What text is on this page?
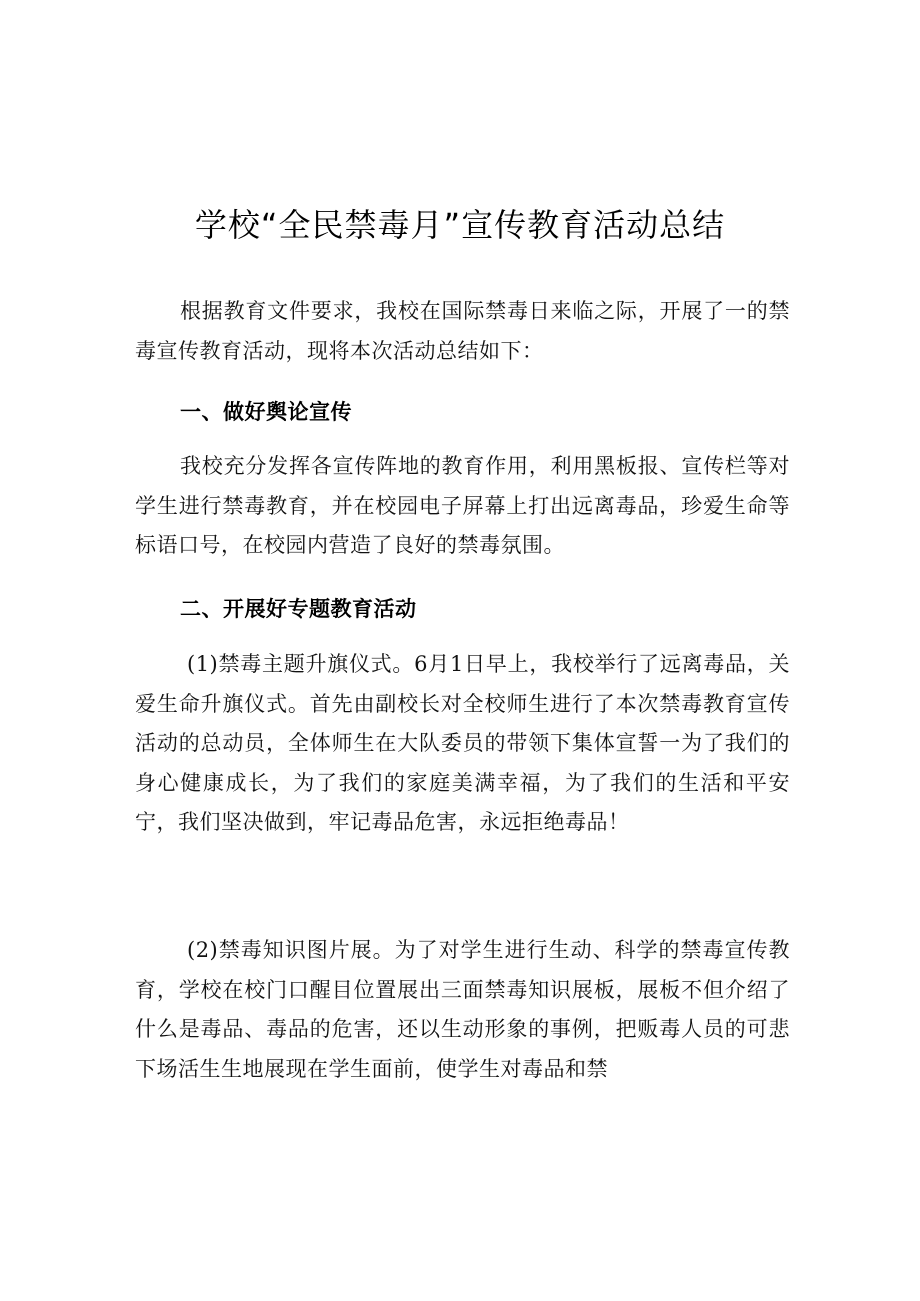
学校“全民禁毒月”宣传教育活动总结

根据教育文件要求，我校在国际禁毒日来临之际，开展了一的禁毒宣传教育活动，现将本次活动总结如下：

一、做好舆论宣传

我校充分发挥各宣传阵地的教育作用，利用黑板报、宣传栏等对学生进行禁毒教育，并在校园电子屏幕上打出远离毒品，珍爱生命等标语口号，在校园内营造了良好的禁毒氛围。

二、开展好专题教育活动

(1)禁毒主题升旗仪式。6月1日早上，我校举行了远离毒品，关爱生命升旗仪式。首先由副校长对全校师生进行了本次禁毒教育宣传活动的总动员，全体师生在大队委员的带领下集体宣誓一为了我们的身心健康成长，为了我们的家庭美满幸福，为了我们的生活和平安宁，我们坚决做到，牢记毒品危害，永远拒绝毒品！

(2)禁毒知识图片展。为了对学生进行生动、科学的禁毒宣传教育，学校在校门口醒目位置展出三面禁毒知识展板，展板不但介绍了什么是毒品、毒品的危害，还以生动形象的事例，把贩毒人员的可悲下场活生生地展现在学生面前，使学生对毒品和禁
